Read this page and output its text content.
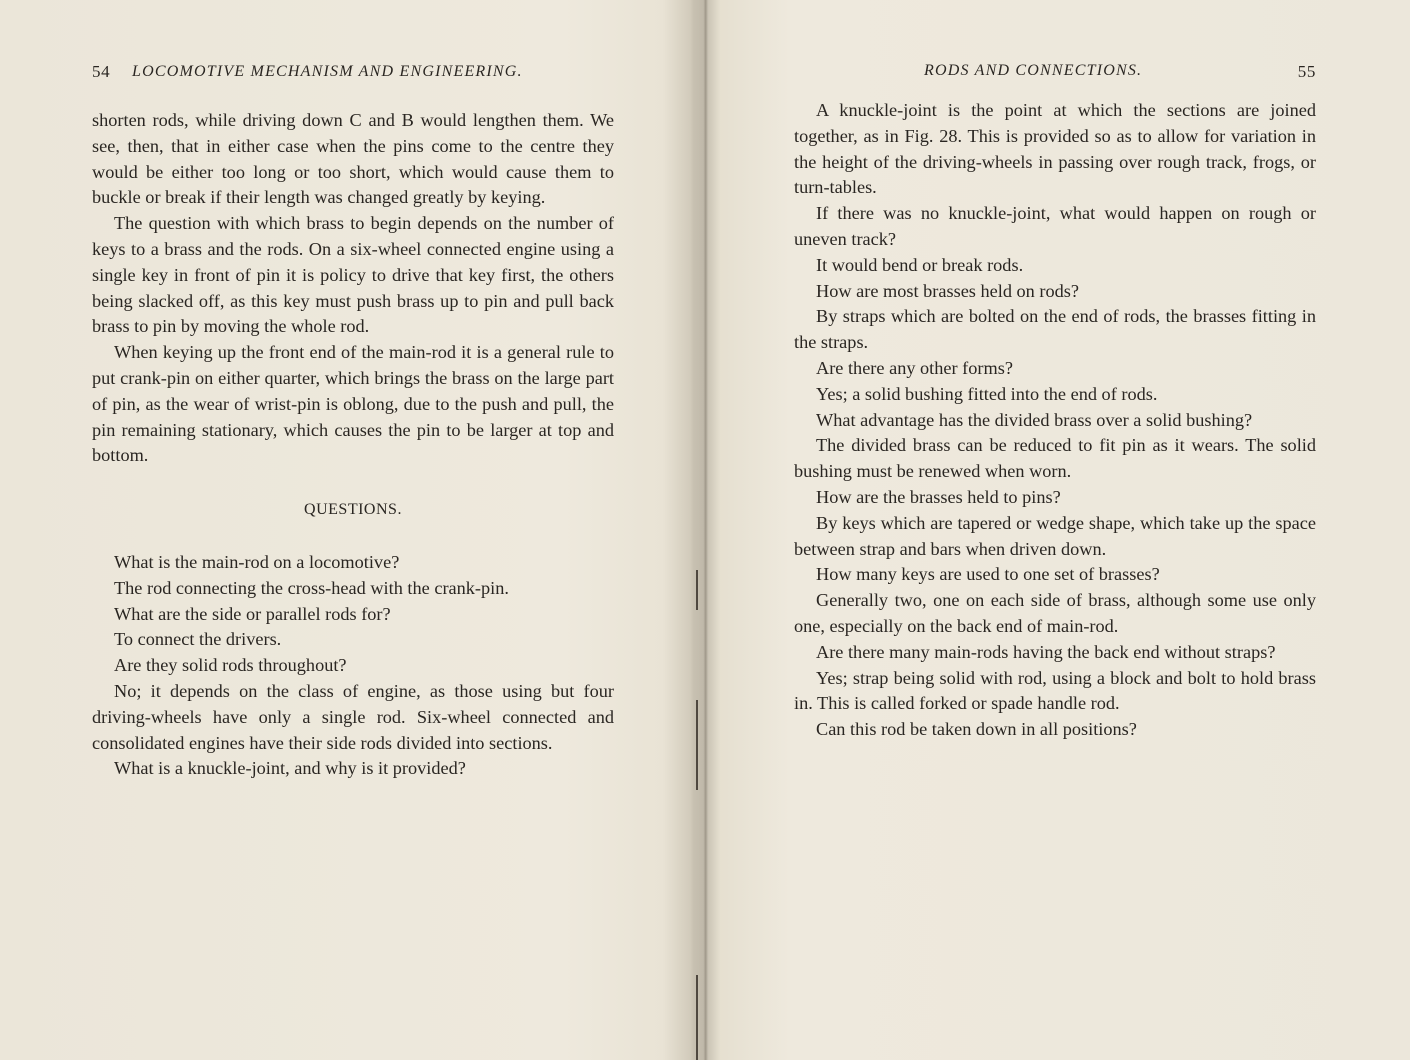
54 LOCOMOTIVE MECHANISM AND ENGINEERING.

shorten rods, while driving down C and B would lengthen them. We see, then, that in either case when the pins come to the centre they would be either too long or too short, which would cause them to buckle or break if their length was changed greatly by keying.

The question with which brass to begin depends on the number of keys to a brass and the rods. On a six-wheel connected engine using a single key in front of pin it is policy to drive that key first, the others being slacked off, as this key must push brass up to pin and pull back brass to pin by moving the whole rod.

When keying up the front end of the main-rod it is a general rule to put crank-pin on either quarter, which brings the brass on the large part of pin, as the wear of wrist-pin is oblong, due to the push and pull, the pin remaining stationary, which causes the pin to be larger at top and bottom.

QUESTIONS.

What is the main-rod on a locomotive?

The rod connecting the cross-head with the crank-pin.

What are the side or parallel rods for?

To connect the drivers.

Are they solid rods throughout?

No; it depends on the class of engine, as those using but four driving-wheels have only a single rod. Six-wheel connected and consolidated engines have their side rods divided into sections.

What is a knuckle-joint, and why is it provided?

RODS AND CONNECTIONS.	55

A knuckle-joint is the point at which the sections are joined together, as in Fig. 28. This is provided so as to allow for variation in the height of the driving-wheels in passing over rough track, frogs, or turn-tables.

If there was no knuckle-joint, what would happen on rough or uneven track?

It would bend or break rods.

How are most brasses held on rods?

By straps which are bolted on the end of rods, the brasses fitting in the straps.

Are there any other forms?

Yes; a solid bushing fitted into the end of rods.

What advantage has the divided brass over a solid bushing?

The divided brass can be reduced to fit pin as it wears. The solid bushing must be renewed when worn.

How are the brasses held to pins?

By keys which are tapered or wedge shape, which take up the space between strap and bars when driven down.

How many keys are used to one set of brasses?

Generally two, one on each side of brass, although some use only one, especially on the back end of main-rod.

Are there many main-rods having the back end without straps?

Yes; strap being solid with rod, using a block and bolt to hold brass in. This is called forked or spade handle rod.

Can this rod be taken down in all positions?
